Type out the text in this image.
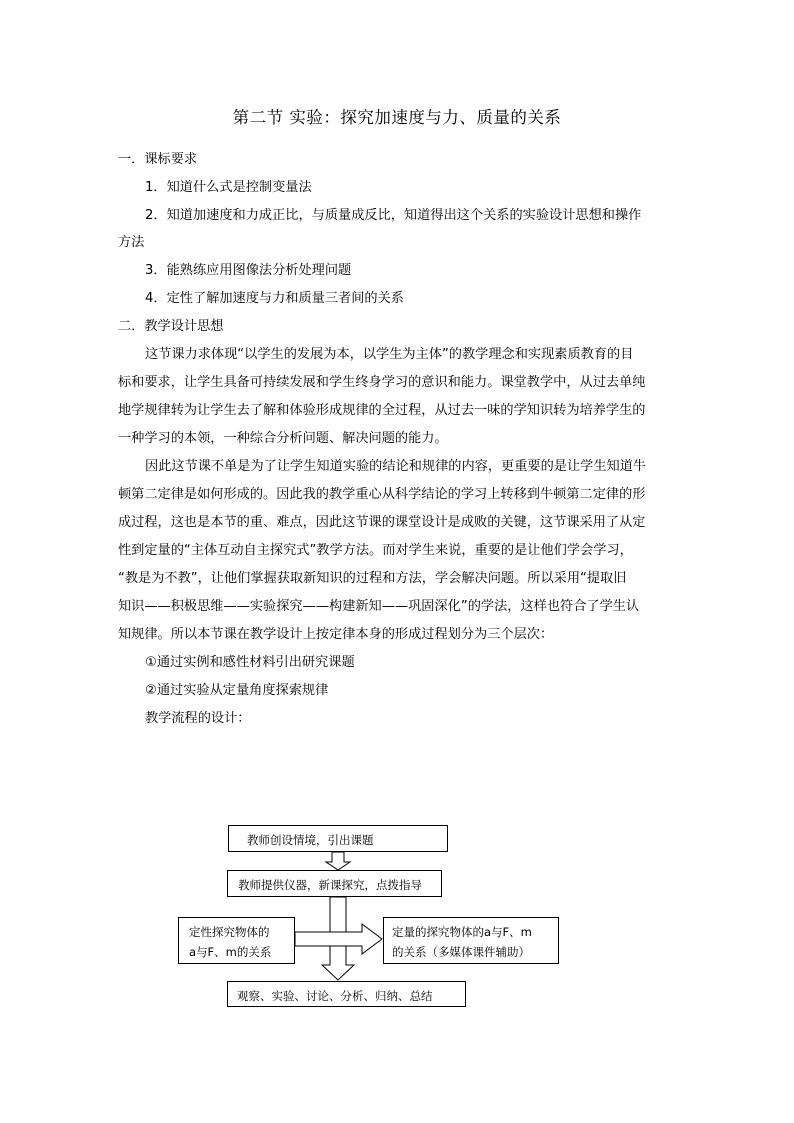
第二节 实验：探究加速度与力、质量的关系
一．课标要求
1．知道什么式是控制变量法
2．知道加速度和力成正比，与质量成反比，知道得出这个关系的实验设计思想和操作
方法
3．能熟练应用图像法分析处理问题
4．定性了解加速度与力和质量三者间的关系
二．教学设计思想
这节课力求体现“以学生的发展为本，以学生为主体”的教学理念和实现素质教育的目
标和要求，让学生具备可持续发展和学生终身学习的意识和能力。课堂教学中，从过去单纯
地学规律转为让学生去了解和体验形成规律的全过程，从过去一味的学知识转为培养学生的
一种学习的本领，一种综合分析问题、解决问题的能力。
因此这节课不单是为了让学生知道实验的结论和规律的内容，更重要的是让学生知道牛
顿第二定律是如何形成的。因此我的教学重心从科学结论的学习上转移到牛顿第二定律的形
成过程，这也是本节的重、难点，因此这节课的课堂设计是成败的关键，这节课采用了从定
性到定量的“主体互动自主探究式”教学方法。而对学生来说，重要的是让他们学会学习，
“教是为不教”，让他们掌握获取新知识的过程和方法，学会解决问题。所以采用“提取旧
知识——积极思维——实验探究——构建新知——巩固深化”的学法，这样也符合了学生认
知规律。所以本节课在教学设计上按定律本身的形成过程划分为三个层次：
①通过实例和感性材料引出研究课题
②通过实验从定量角度探索规律
教学流程的设计：
教师创设情境，引出课题
教师提供仪器，新课探究，点拨指导
定性探究物体的
a与F、m的关系
定量的探究物体的a与F、m
的关系（多媒体课件辅助）
观察、实验、讨论、分析、归纳、总结
